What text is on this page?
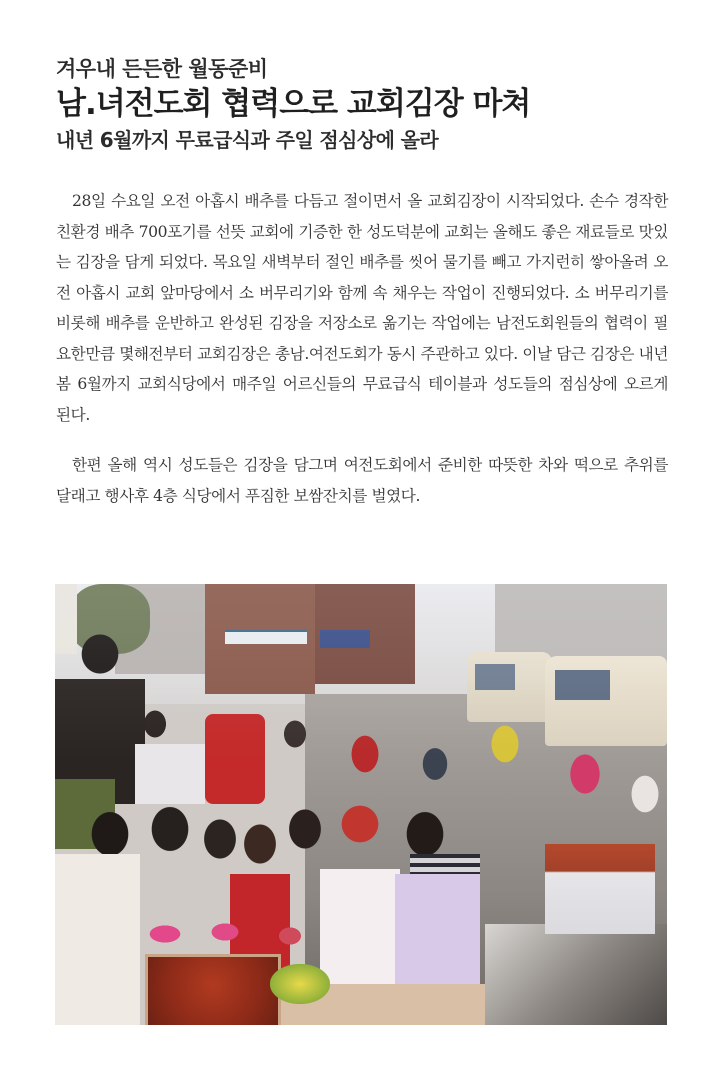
겨우내 든든한 월동준비
남.녀전도회 협력으로 교회김장 마쳐
내년 6월까지 무료급식과 주일 점심상에 올라

28일 수요일 오전 아홉시 배추를 다듬고 절이면서 올 교회김장이 시작되었다. 손수 경작한 친환경 배추 700포기를 선뜻 교회에 기증한 한 성도덕분에 교회는 올해도 좋은 재료들로 맛있는 김장을 담게 되었다. 목요일 새벽부터 절인 배추를 씻어 물기를 빼고 가지런히 쌓아올려 오전 아홉시 교회 앞마당에서 소 버무리기와 함께 속 채우는 작업이 진행되었다. 소 버무리기를 비롯해 배추를 운반하고 완성된 김장을 저장소로 옮기는 작업에는 남전도회원들의 협력이 필요한만큼 몇해전부터 교회김장은 총남.여전도회가 동시 주관하고 있다. 이날 담근 김장은 내년 봄 6월까지 교회식당에서 매주일 어르신들의 무료급식 테이블과 성도들의 점심상에 오르게 된다.

한편 올해 역시 성도들은 김장을 담그며 여전도회에서 준비한 따뜻한 차와 떡으로 추위를 달래고 행사후 4층 식당에서 푸짐한 보쌈잔치를 벌였다.
